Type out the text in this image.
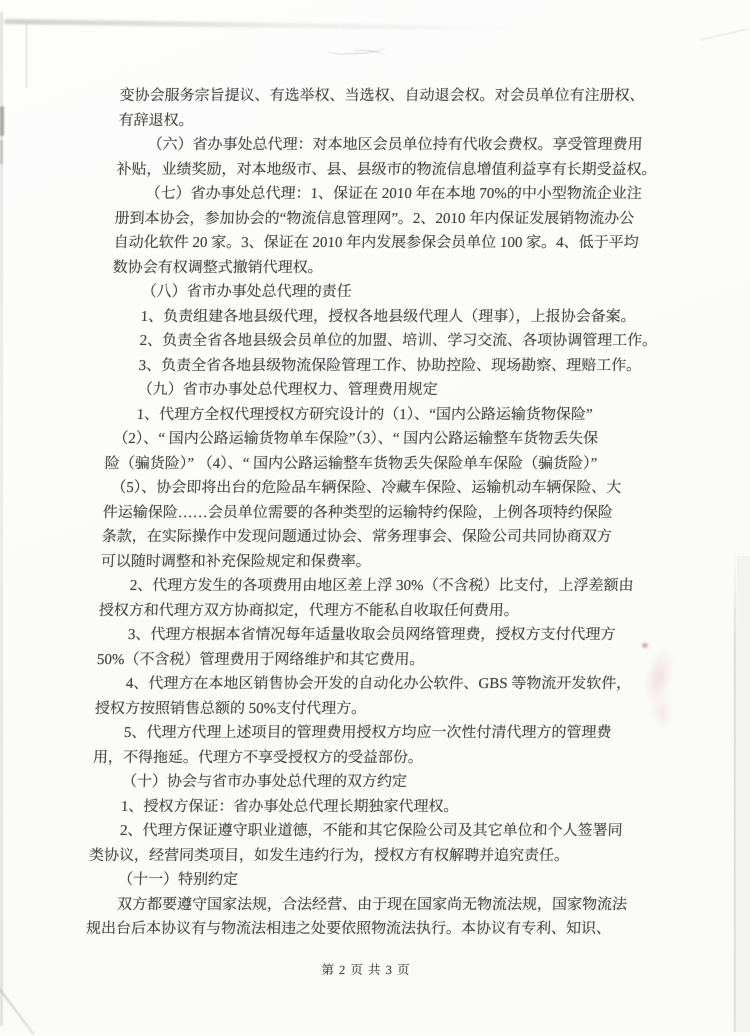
变协会服务宗旨提议、有选举权、当选权、自动退会权。对会员单位有注册权、
有辞退权。
（六）省办事处总代理：对本地区会员单位持有代收会费权。享受管理费用
补贴，业绩奖励，对本地级市、县、县级市的物流信息增值利益享有长期受益权。
（七）省办事处总代理：1、保证在 2010 年在本地 70%的中小型物流企业注
册到本协会，参加协会的“物流信息管理网”。2、2010 年内保证发展销物流办公
自动化软件 20 家。3、保证在 2010 年内发展参保会员单位 100 家。4、低于平均
数协会有权调整式撤销代理权。
（八）省市办事处总代理的责任
1、负责组建各地县级代理，授权各地县级代理人（理事），上报协会备案。
2、负责全省各地县级会员单位的加盟、培训、学习交流、各项协调管理工作。
3、负责全省各地县级物流保险管理工作、协助控险、现场勘察、理赔工作。
（九）省市办事处总代理权力、管理费用规定
1、代理方全权代理授权方研究设计的（1）、“国内公路运输货物保险”
（2）、“ 国内公路运输货物单车保险”（3）、“ 国内公路运输整车货物丢失保
险（骗货险）” （4）、“ 国内公路运输整车货物丢失保险单车保险（骗货险）”
（5）、协会即将出台的危险品车辆保险、冷藏车保险、运输机动车辆保险、大
件运输保险……会员单位需要的各种类型的运输特约保险，上例各项特约保险
条款，在实际操作中发现问题通过协会、常务理事会、保险公司共同协商双方
可以随时调整和补充保险规定和保费率。
2、代理方发生的各项费用由地区差上浮 30%（不含税）比支付，上浮差额由
授权方和代理方双方协商拟定，代理方不能私自收取任何费用。
3、代理方根据本省情况每年适量收取会员网络管理费，授权方支付代理方
50%（不含税）管理费用于网络维护和其它费用。
4、代理方在本地区销售协会开发的自动化办公软件、GBS 等物流开发软件，
授权方按照销售总额的 50%支付代理方。
5、代理方代理上述项目的管理费用授权方均应一次性付清代理方的管理费
用，不得拖延。代理方不享受授权方的受益部份。
（十）协会与省市办事处总代理的双方约定
1、授权方保证：省办事处总代理长期独家代理权。
2、代理方保证遵守职业道德，不能和其它保险公司及其它单位和个人签署同
类协议，经营同类项目，如发生违约行为，授权方有权解聘并追究责任。
（十一）特别约定
双方都要遵守国家法规，合法经营、由于现在国家尚无物流法规，国家物流法
规出台后本协议有与物流法相违之处要依照物流法执行。本协议有专利、知识、
第 2 页 共 3 页
